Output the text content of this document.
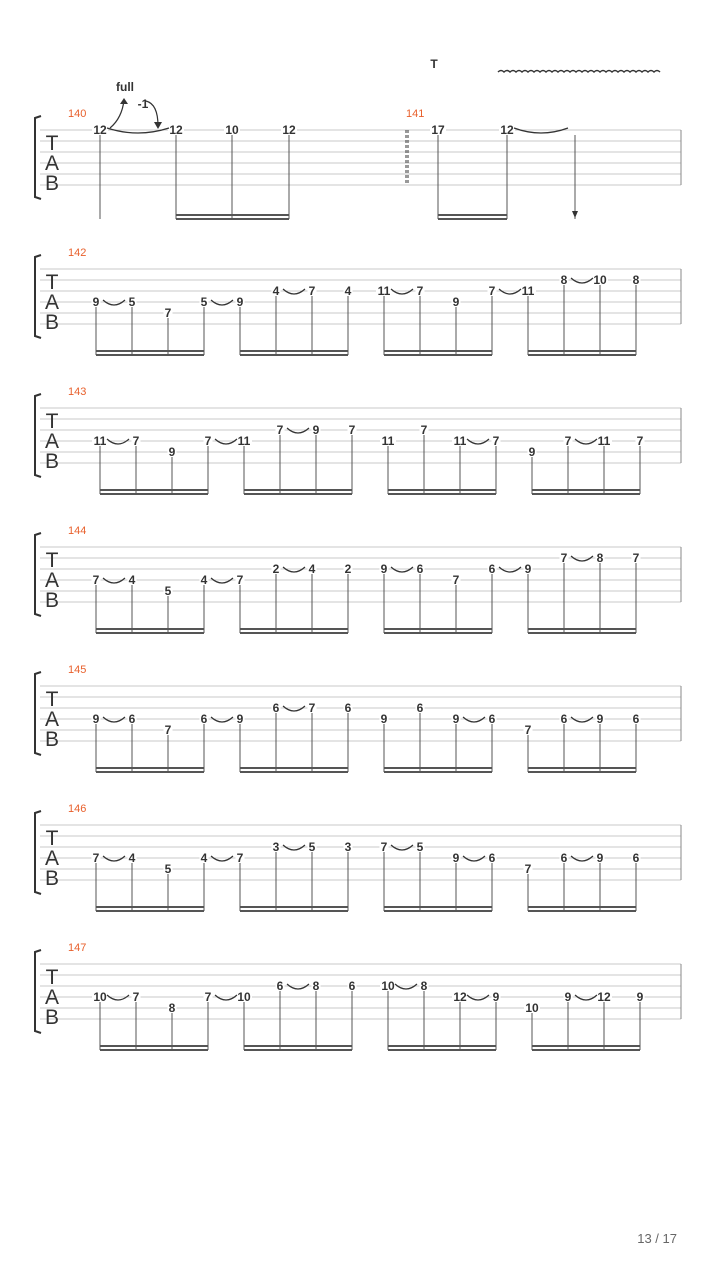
T
A
B
140	141
12	12	10	12	17	12
full
-1
T
T
A
B
142
9 5
7
5 9
4 7 4 11 7
9
7 11
8 10 8
T
A
B
143
11 7
9
7 11
7 9 7
11
7
11 7
9
7 11 7
T
A
B
144
7 4
5
4 7
2 4 2 9 6
7
6 9
7 8 7
T
A
B
145
9 6
7
6 9
6 7 6
9
6
9 6
7
6 9 6
T
A
B
146
7 4
5
4 7
3 5 3 7 5
9 6
7
6 9 6
T
A
B
147
10 7
8
7 10
6 8 6 10 8
12 9
10
9 12 9
13 / 17
